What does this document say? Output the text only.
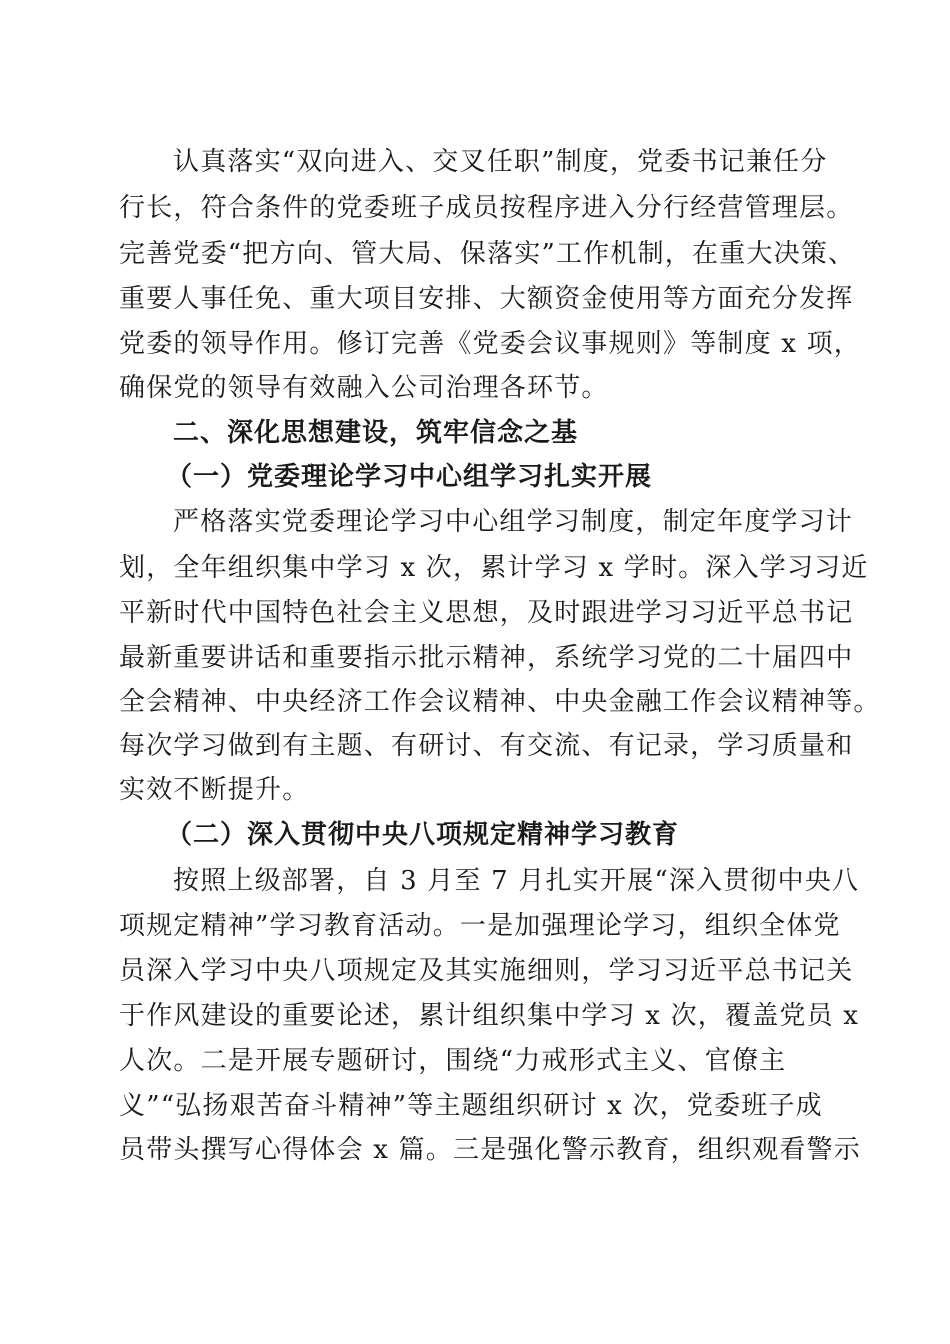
认真落实“双向进入、交叉任职”制度，党委书记兼任分
行长，符合条件的党委班子成员按程序进入分行经营管理层。
完善党委“把方向、管大局、保落实”工作机制，在重大决策、
重要人事任免、重大项目安排、大额资金使用等方面充分发挥
党委的领导作用。修订完善《党委会议事规则》等制度 x 项，
确保党的领导有效融入公司治理各环节。
二、深化思想建设，筑牢信念之基
（一）党委理论学习中心组学习扎实开展
严格落实党委理论学习中心组学习制度，制定年度学习计
划，全年组织集中学习 x 次，累计学习 x 学时。深入学习习近
平新时代中国特色社会主义思想，及时跟进学习习近平总书记
最新重要讲话和重要指示批示精神，系统学习党的二十届四中
全会精神、中央经济工作会议精神、中央金融工作会议精神等。
每次学习做到有主题、有研讨、有交流、有记录，学习质量和
实效不断提升。
（二）深入贯彻中央八项规定精神学习教育
按照上级部署，自 3 月至 7 月扎实开展“深入贯彻中央八
项规定精神”学习教育活动。一是加强理论学习，组织全体党
员深入学习中央八项规定及其实施细则，学习习近平总书记关
于作风建设的重要论述，累计组织集中学习 x 次，覆盖党员 x
人次。二是开展专题研讨，围绕“力戒形式主义、官僚主
义”“弘扬艰苦奋斗精神”等主题组织研讨 x 次，党委班子成
员带头撰写心得体会 x 篇。三是强化警示教育，组织观看警示
